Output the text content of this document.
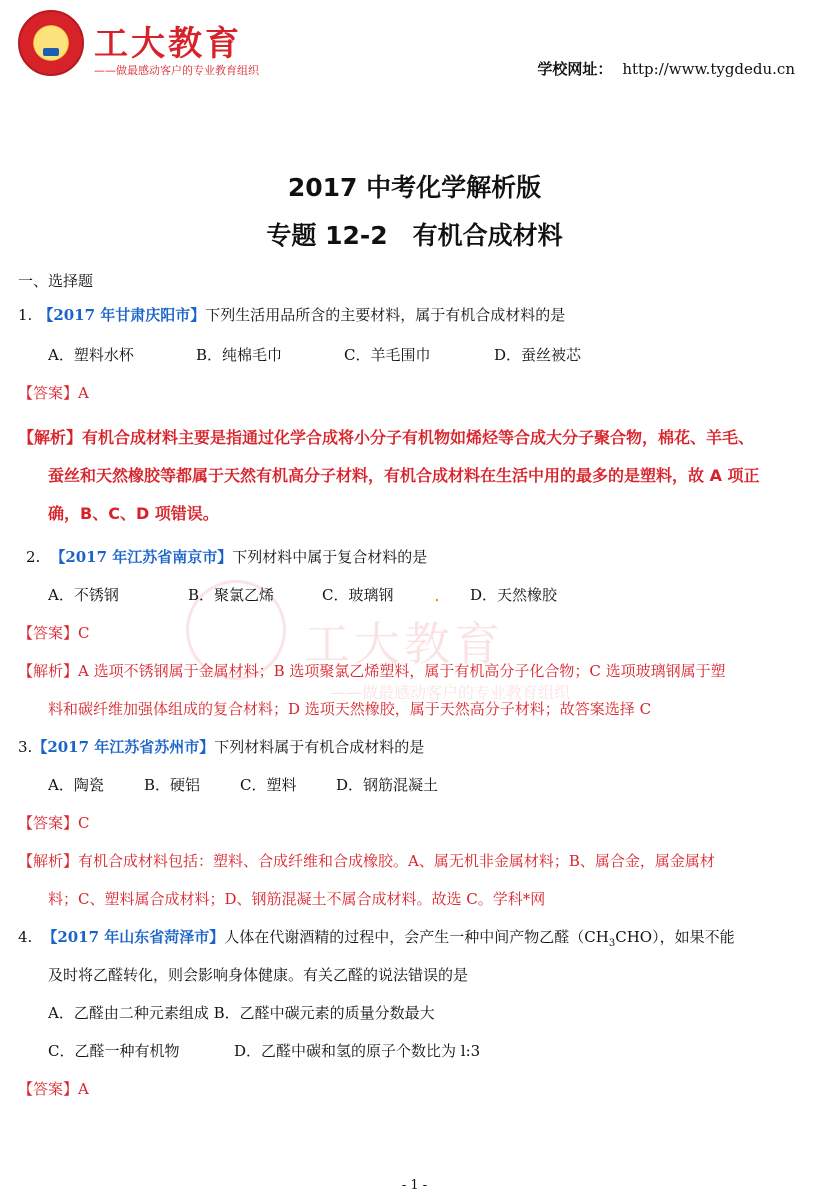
工大教育
——做最感动客户的专业教育组织	学校网址： http://www.tygdedu.cn
工大教育
——做最感动客户的专业教育组织
.
2017 中考化学解析版
专题 12-2　有机合成材料
一、选择题
1. 【2017 年甘肃庆阳市】下列生活用品所含的主要材料，属于有机合成材料的是
A．塑料水杯	B．纯棉毛巾	C．羊毛围巾	D．蚕丝被芯
【答案】A
【解析】有机合成材料主要是指通过化学合成将小分子有机物如烯烃等合成大分子聚合物，棉花、羊毛、
蚕丝和天然橡胶等都属于天然有机高分子材料，有机合成材料在生活中用的最多的是塑料，故 A 项正
确，B、C、D 项错误。
2. 【2017 年江苏省南京市】下列材料中属于复合材料的是
A．不锈钢	B．聚氯乙烯	C．玻璃钢	D．天然橡胶
【答案】C
【解析】A 选项不锈钢属于金属材料；B 选项聚氯乙烯塑料，属于有机高分子化合物；C 选项玻璃钢属于塑
料和碳纤维加强体组成的复合材料；D 选项天然橡胶，属于天然高分子材料；故答案选择 C
3.【2017 年江苏省苏州市】下列材料属于有机合成材料的是
A．陶瓷	B．硬铝	C．塑料	D．钢筋混凝土
【答案】C
【解析】有机合成材料包括：塑料、合成纤维和合成橡胶。A、属无机非金属材料；B、属合金，属金属材
料；C、塑料属合成材料；D、钢筋混凝土不属合成材料。故选 C。学科*网
4. 【2017 年山东省菏泽市】人体在代谢酒精的过程中，会产生一种中间产物乙醛$(CH_3CHO)$，如果不能
及时将乙醛转化，则会影响身体健康。有关乙醛的说法错误的是
A．乙醛由二种元素组成 B．乙醛中碳元素的质量分数最大
C．乙醛一种有机物	D．乙醛中碳和氢的原子个数比为 l:3
【答案】A
- 1 -
